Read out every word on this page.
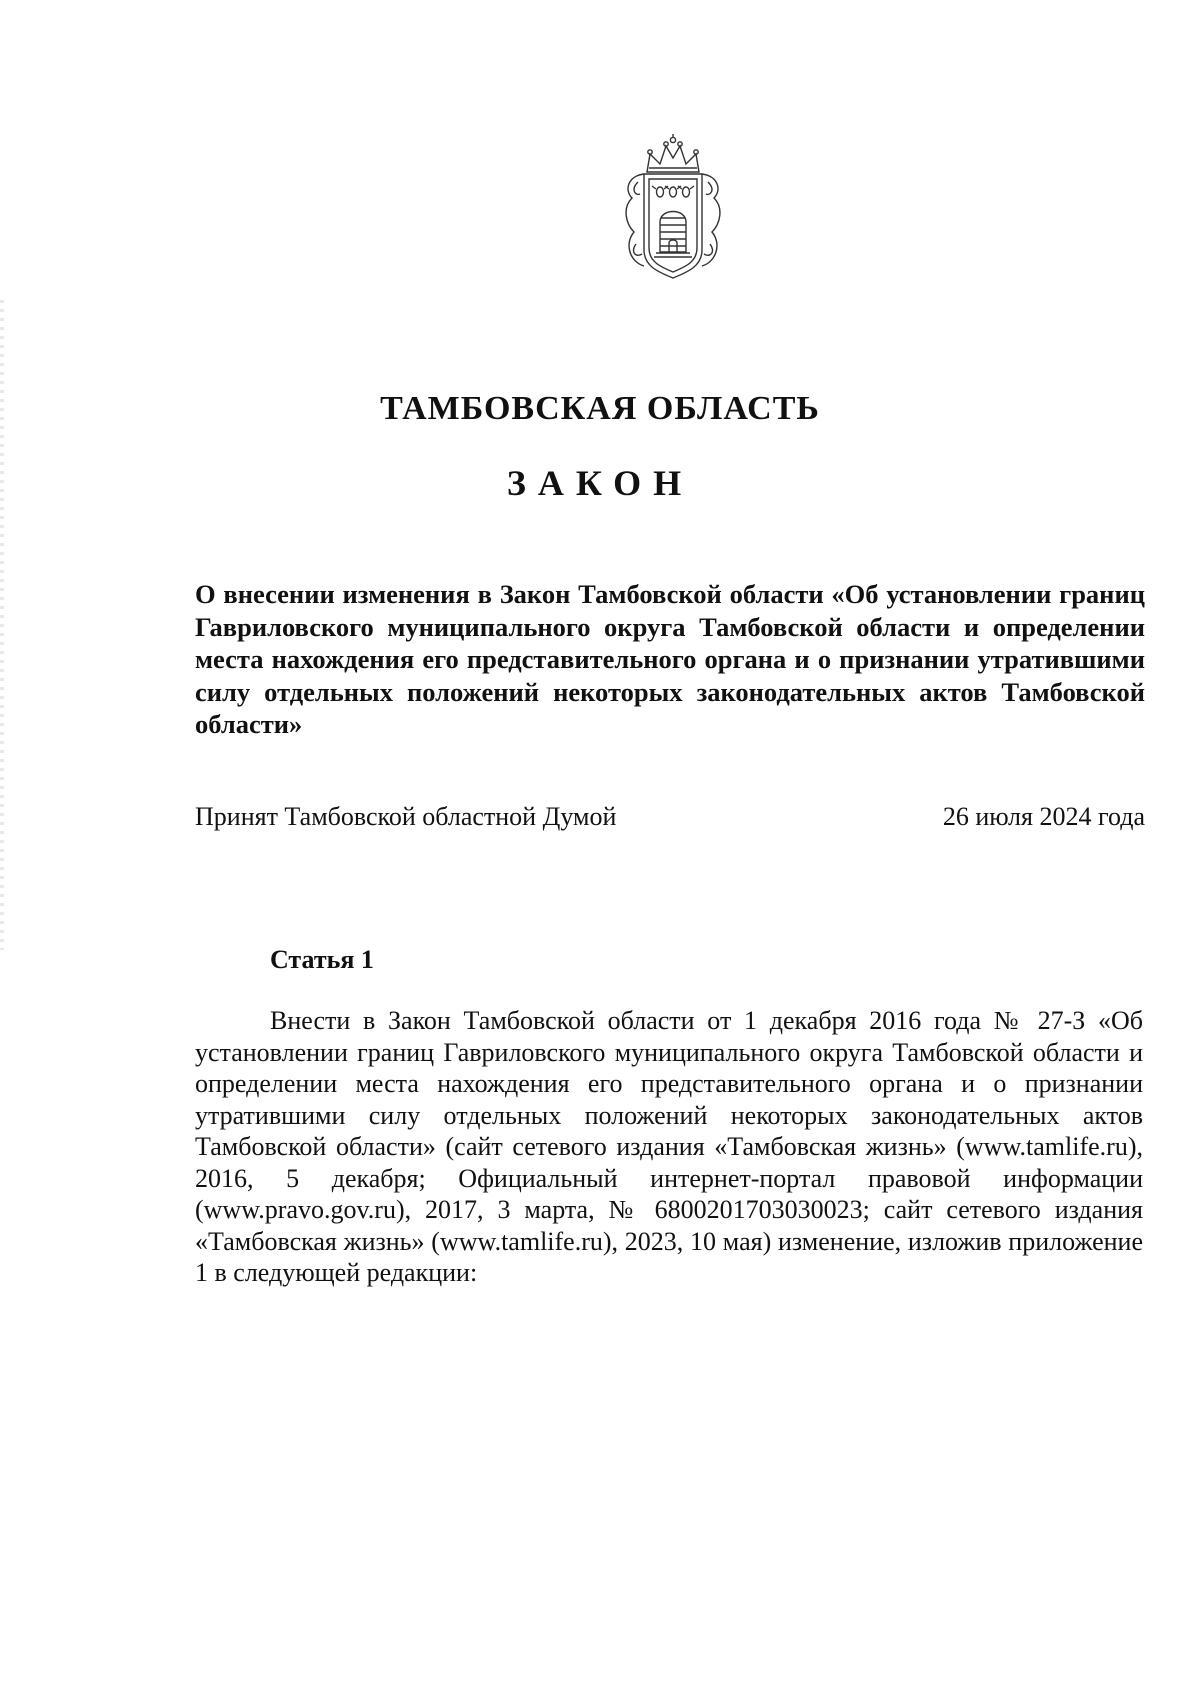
ТАМБОВСКАЯ ОБЛАСТЬ
ЗАКОН

О внесении изменения в Закон Тамбовской области «Об установлении границ Гавриловского муниципального округа Тамбовской области и определении места нахождения его представительного органа и о признании утратившими силу отдельных положений некоторых законодательных актов Тамбовской области»

Принят Тамбовской областной Думой	26 июля 2024 года
Статья 1

Внести в Закон Тамбовской области от 1 декабря 2016 года № 27-З «Об установлении границ Гавриловского муниципального округа Тамбовской области и определении места нахождения его представительного органа и о признании утратившими силу отдельных положений некоторых законодательных актов Тамбовской области» (сайт сетевого издания «Тамбовская жизнь» (www.tamlife.ru), 2016, 5 декабря; Официальный интернет-портал правовой информации (www.pravo.gov.ru), 2017, 3 марта, № 6800201703030023; сайт сетевого издания «Тамбовская жизнь» (www.tamlife.ru), 2023, 10 мая) изменение, изложив приложение 1 в следующей редакции:
